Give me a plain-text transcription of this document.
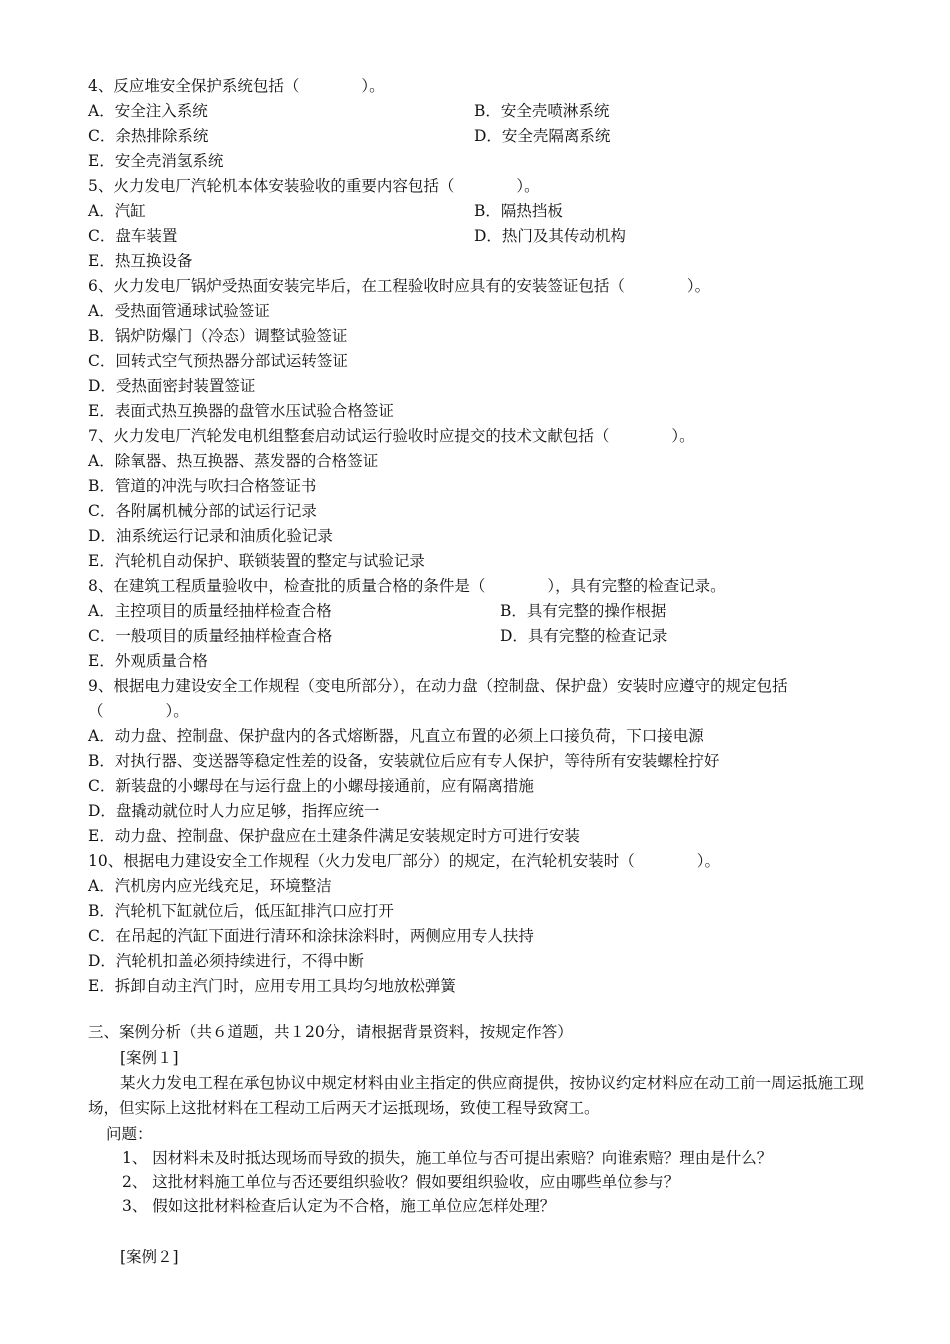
4、反应堆安全保护系统包括（　　　　）。
A．安全注入系统	B．安全壳喷淋系统
C．余热排除系统	D．安全壳隔离系统
E．安全壳消氢系统
5、火力发电厂汽轮机本体安装验收的重要内容包括（　　　　）。
A．汽缸	B．隔热挡板
C．盘车装置	D．热门及其传动机构
E．热互换设备
6、火力发电厂锅炉受热面安装完毕后，在工程验收时应具有的安装签证包括（　　　　）。
A．受热面管通球试验签证
B．锅炉防爆门（冷态）调整试验签证
C．回转式空气预热器分部试运转签证
D．受热面密封装置签证
E．表面式热互换器的盘管水压试验合格签证
7、火力发电厂汽轮发电机组整套启动试运行验收时应提交的技术文献包括（　　　　）。
A．除氧器、热互换器、蒸发器的合格签证
B．管道的冲洗与吹扫合格签证书
C．各附属机械分部的试运行记录
D．油系统运行记录和油质化验记录
E．汽轮机自动保护、联锁装置的整定与试验记录
8、在建筑工程质量验收中，检查批的质量合格的条件是（　　　　），具有完整的检查记录。
A．主控项目的质量经抽样检查合格	B．具有完整的操作根据
C．一般项目的质量经抽样检查合格	D．具有完整的检查记录
E．外观质量合格
9、根据电力建设安全工作规程（变电所部分），在动力盘（控制盘、保护盘）安装时应遵守的规定包括
（　　　　）。
A．动力盘、控制盘、保护盘内的各式熔断器，凡直立布置的必须上口接负荷，下口接电源
B．对执行器、变送器等稳定性差的设备，安装就位后应有专人保护，等待所有安装螺栓拧好
C．新装盘的小螺母在与运行盘上的小螺母接通前，应有隔离措施
D．盘撬动就位时人力应足够，指挥应统一
E．动力盘、控制盘、保护盘应在土建条件满足安装规定时方可进行安装
10、根据电力建设安全工作规程（火力发电厂部分）的规定，在汽轮机安装时（　　　　）。
A．汽机房内应光线充足，环境整洁
B．汽轮机下缸就位后，低压缸排汽口应打开
C．在吊起的汽缸下面进行清环和涂抹涂料时，两侧应用专人扶持
D．汽轮机扣盖必须持续进行，不得中断
E．拆卸自动主汽门时，应用专用工具均匀地放松弹簧
三、案例分析（共６道题，共１20分，请根据背景资料，按规定作答）
[案例１]
某火力发电工程在承包协议中规定材料由业主指定的供应商提供，按协议约定材料应在动工前一周运抵施工现场，但实际上这批材料在工程动工后两天才运抵现场，致使工程导致窝工。
问题：
1、 因材料未及时抵达现场而导致的损失，施工单位与否可提出索赔？向谁索赔？理由是什么？
2、 这批材料施工单位与否还要组织验收？假如要组织验收，应由哪些单位参与？
3、 假如这批材料检查后认定为不合格，施工单位应怎样处理？
[案例２]
